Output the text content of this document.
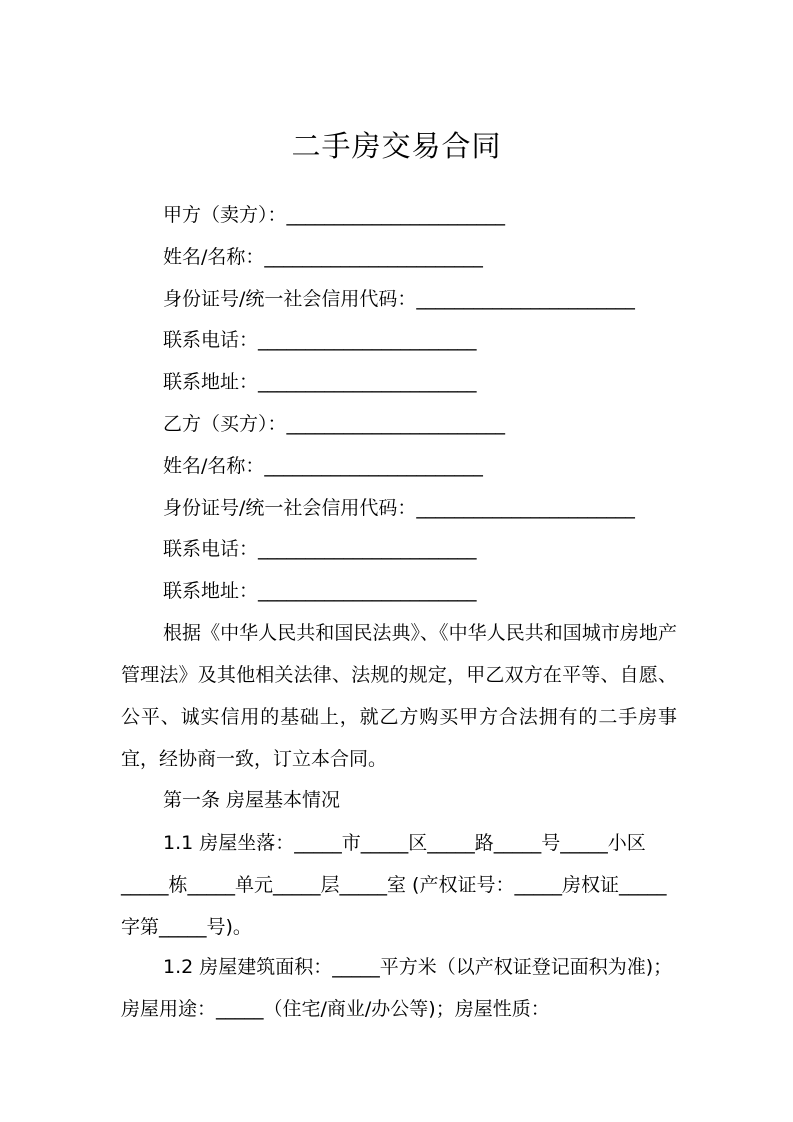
二手房交易合同
甲方（卖方）：_______________________
姓名/名称：_______________________
身份证号/统一社会信用代码：_______________________
联系电话：_______________________
联系地址：_______________________
乙方（买方）：_______________________
姓名/名称：_______________________
身份证号/统一社会信用代码：_______________________
联系电话：_______________________
联系地址：_______________________
根据《中华人民共和国民法典》、《中华人民共和国城市房地产管理法》及其他相关法律、法规的规定，甲乙双方在平等、自愿、公平、诚实信用的基础上，就乙方购买甲方合法拥有的二手房事宜，经协商一致，订立本合同。
第一条 房屋基本情况
1.1 房屋坐落：_____市_____区_____路_____号_____小区_____栋_____单元_____层_____室 (产权证号：_____房权证_____字第_____号)。
1.2 房屋建筑面积：_____平方米（以产权证登记面积为准)；房屋用途：_____（住宅/商业/办公等)；房屋性质：
